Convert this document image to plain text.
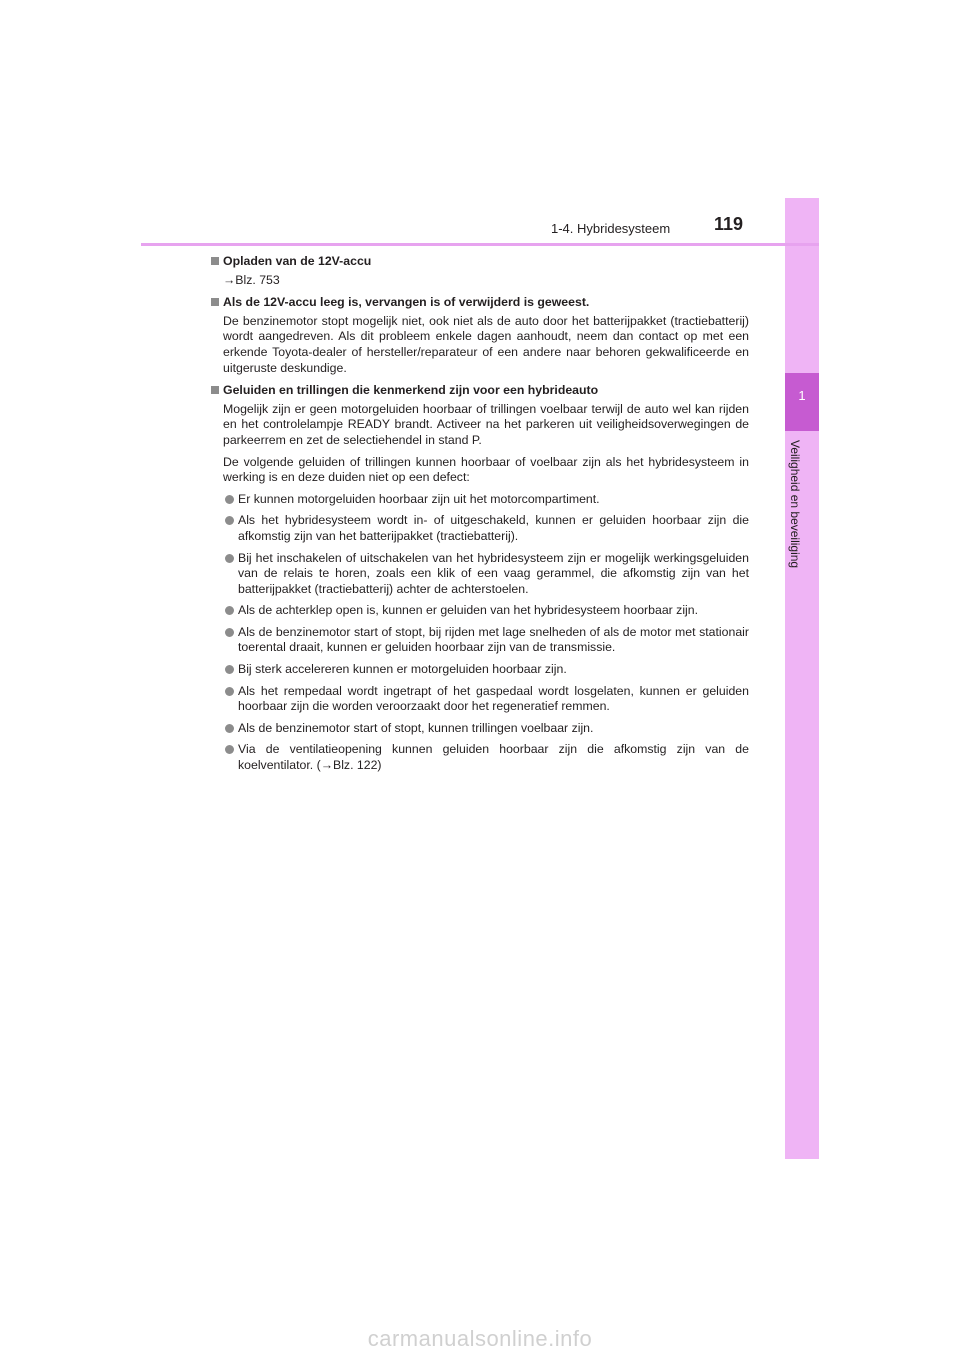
1
Veiligheid en beveiliging
1-4. Hybridesysteem 119
Opladen van de 12V-accu
→Blz. 753
Als de 12V-accu leeg is, vervangen is of verwijderd is geweest.
De benzinemotor stopt mogelijk niet, ook niet als de auto door het batterijpakket (tractiebatterij) wordt aangedreven. Als dit probleem enkele dagen aanhoudt, neem dan contact op met een erkende Toyota-dealer of hersteller/reparateur of een andere naar behoren gekwalificeerde en uitgeruste deskundige.
Geluiden en trillingen die kenmerkend zijn voor een hybrideauto
Mogelijk zijn er geen motorgeluiden hoorbaar of trillingen voelbaar terwijl de auto wel kan rijden en het controlelampje READY brandt. Activeer na het parkeren uit veiligheidsoverwegingen de parkeerrem en zet de selectiehendel in stand P.
De volgende geluiden of trillingen kunnen hoorbaar of voelbaar zijn als het hybridesysteem in werking is en deze duiden niet op een defect:
Er kunnen motorgeluiden hoorbaar zijn uit het motorcompartiment.
Als het hybridesysteem wordt in- of uitgeschakeld, kunnen er geluiden hoorbaar zijn die afkomstig zijn van het batterijpakket (tractiebatterij).
Bij het inschakelen of uitschakelen van het hybridesysteem zijn er mogelijk werkingsgeluiden van de relais te horen, zoals een klik of een vaag gerammel, die afkomstig zijn van het batterijpakket (tractiebatterij) achter de achterstoelen.
Als de achterklep open is, kunnen er geluiden van het hybridesysteem hoorbaar zijn.
Als de benzinemotor start of stopt, bij rijden met lage snelheden of als de motor met stationair toerental draait, kunnen er geluiden hoorbaar zijn van de transmissie.
Bij sterk accelereren kunnen er motorgeluiden hoorbaar zijn.
Als het rempedaal wordt ingetrapt of het gaspedaal wordt losgelaten, kunnen er geluiden hoorbaar zijn die worden veroorzaakt door het regeneratief remmen.
Als de benzinemotor start of stopt, kunnen trillingen voelbaar zijn.
Via de ventilatieopening kunnen geluiden hoorbaar zijn die afkomstig zijn van de koelventilator. (→Blz. 122)
carmanualsonline.info
